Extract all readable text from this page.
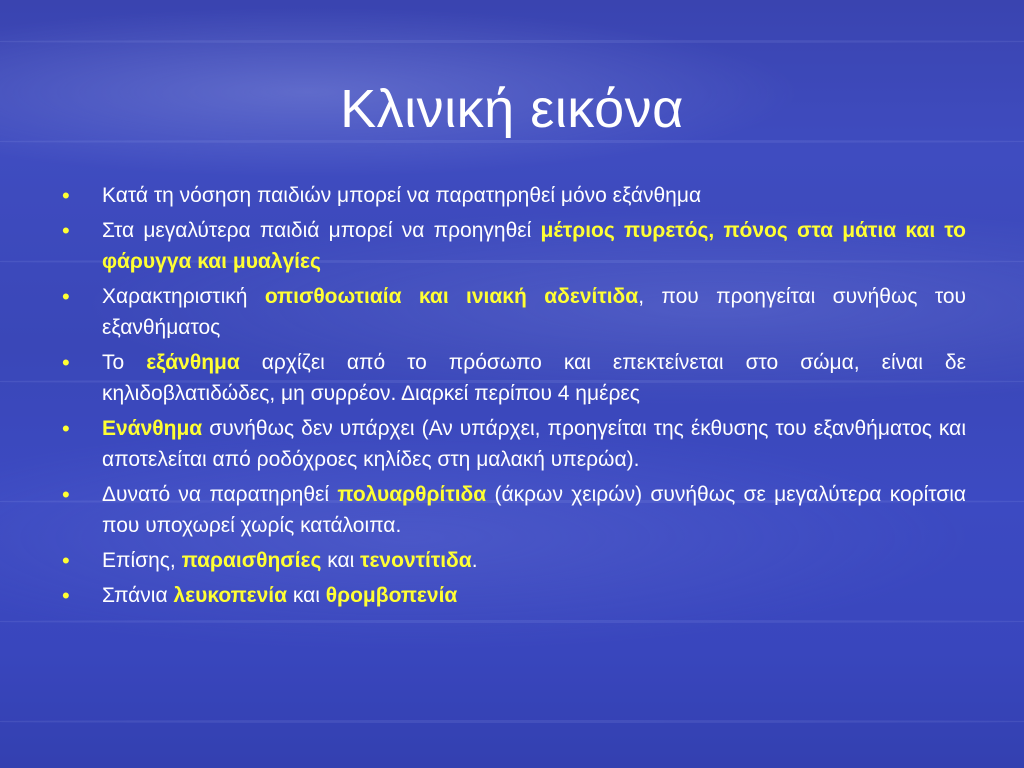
Κλινική εικόνα
• Κατά τη νόσηση παιδιών μπορεί να παρατηρηθεί μόνο εξάνθημα
• Στα μεγαλύτερα παιδιά μπορεί να προηγηθεί μέτριος πυρετός, πόνος στα μάτια και το φάρυγγα και μυαλγίες
• Χαρακτηριστική οπισθοωτιαία και ινιακή αδενίτιδα, που προηγείται συνήθως του εξανθήματος
• Το εξάνθημα αρχίζει από το πρόσωπο και επεκτείνεται στο σώμα, είναι δε κηλιδοβλατιδώδες, μη συρρέον. Διαρκεί περίπου 4 ημέρες
• Ενάνθημα συνήθως δεν υπάρχει (Αν υπάρχει, προηγείται της έκθυσης του εξανθήματος και αποτελείται από ροδόχροες κηλίδες στη μαλακή υπερώα).
• Δυνατό να παρατηρηθεί πολυαρθρίτιδα (άκρων χειρών) συνήθως σε μεγαλύτερα κορίτσια που υποχωρεί χωρίς κατάλοιπα.
• Επίσης, παραισθησίες και τενοντίτιδα.
• Σπάνια λευκοπενία και θρομβοπενία
